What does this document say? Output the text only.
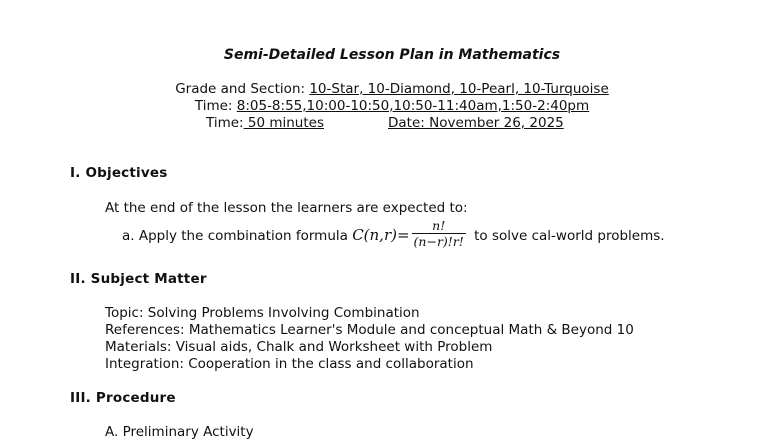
Semi-Detailed Lesson Plan in Mathematics
Grade and Section: 10-Star, 10-Diamond, 10-Pearl, 10-Turquoise
Time: 8:05-8:55,10:00-10:50,10:50-11:40am,1:50-2:40pm
Time: 50 minutes	Date: November 26, 2025
I. Objectives
At the end of the lesson the learners are expected to:
a. Apply the combination formula $C(n,r)= \frac{n!}{(n-r)!r!}$ to solve cal-world problems.
II. Subject Matter
Topic: Solving Problems Involving Combination
References: Mathematics Learner's Module and conceptual Math & Beyond 10
Materials: Visual aids, Chalk and Worksheet with Problem
Integration: Cooperation in the class and collaboration
III. Procedure
A. Preliminary Activity
